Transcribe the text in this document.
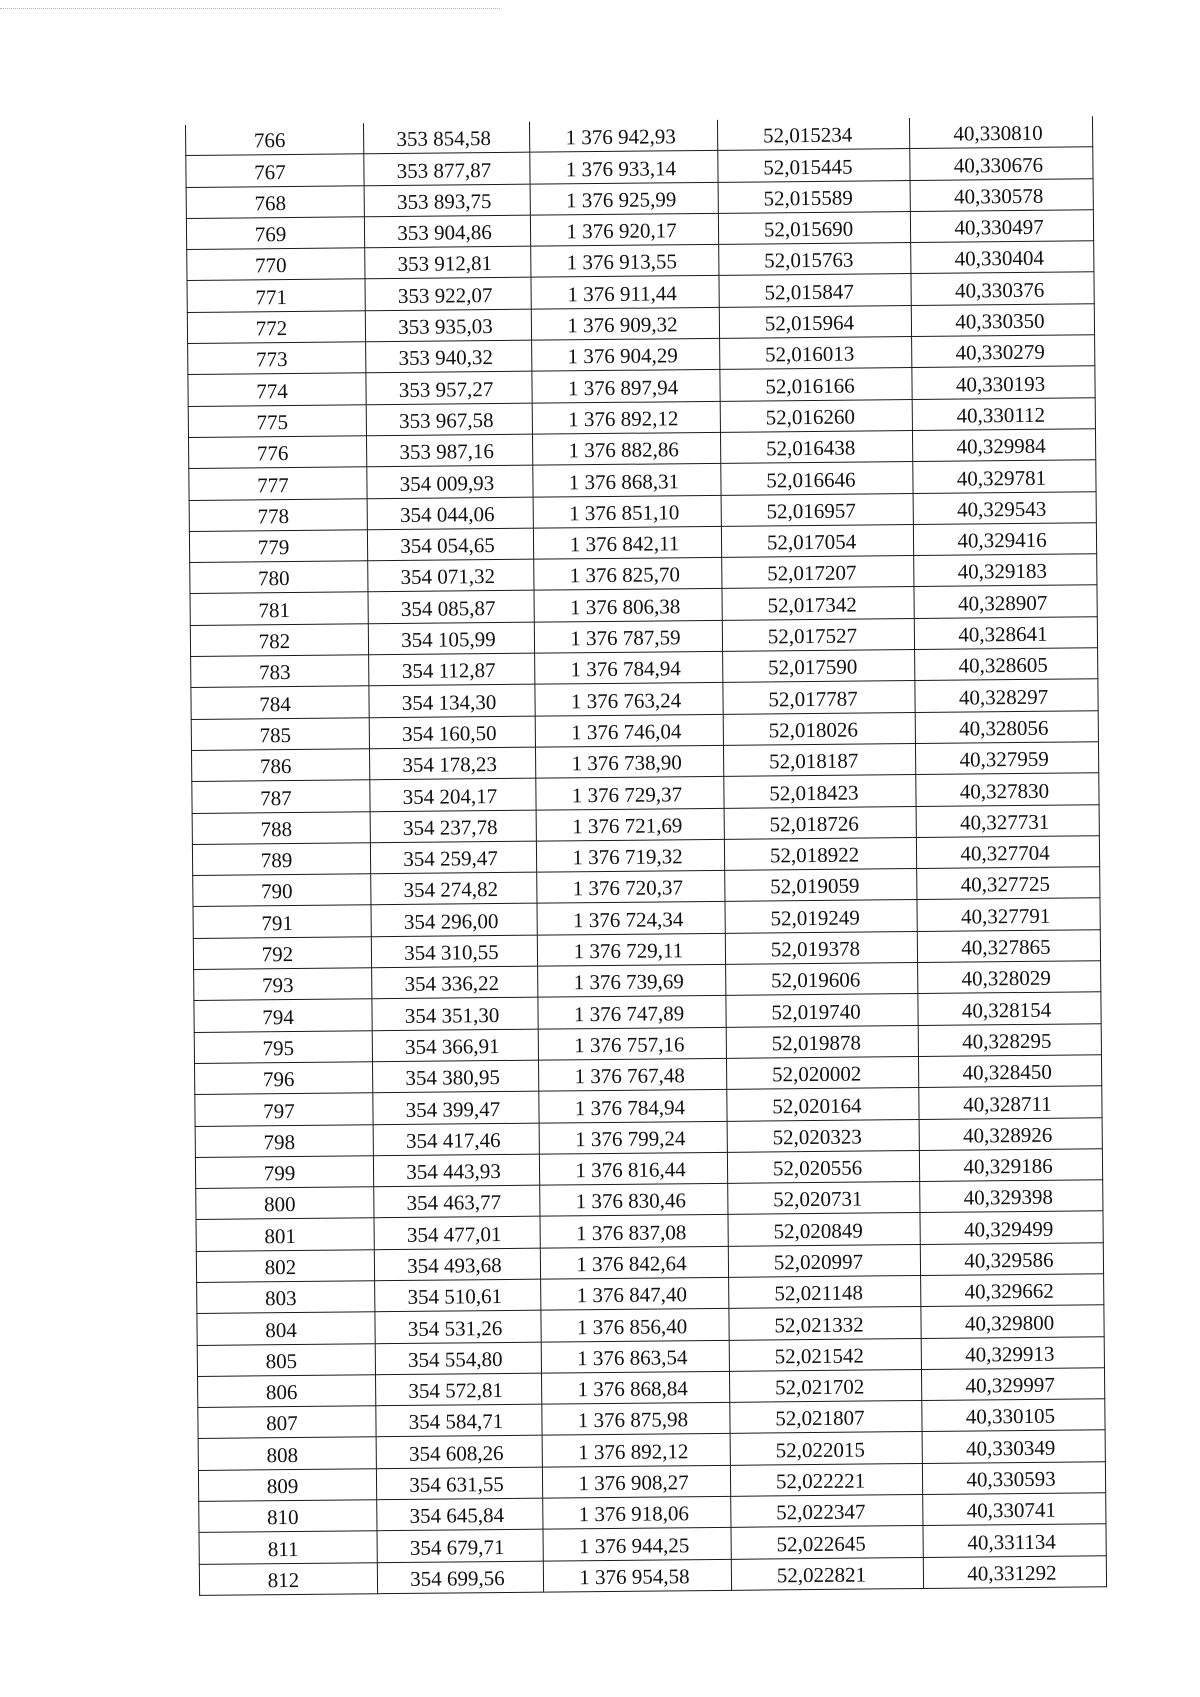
766	353 854,58	1 376 942,93	52,015234	40,330810
767	353 877,87	1 376 933,14	52,015445	40,330676
768	353 893,75	1 376 925,99	52,015589	40,330578
769	353 904,86	1 376 920,17	52,015690	40,330497
770	353 912,81	1 376 913,55	52,015763	40,330404
771	353 922,07	1 376 911,44	52,015847	40,330376
772	353 935,03	1 376 909,32	52,015964	40,330350
773	353 940,32	1 376 904,29	52,016013	40,330279
774	353 957,27	1 376 897,94	52,016166	40,330193
775	353 967,58	1 376 892,12	52,016260	40,330112
776	353 987,16	1 376 882,86	52,016438	40,329984
777	354 009,93	1 376 868,31	52,016646	40,329781
778	354 044,06	1 376 851,10	52,016957	40,329543
779	354 054,65	1 376 842,11	52,017054	40,329416
780	354 071,32	1 376 825,70	52,017207	40,329183
781	354 085,87	1 376 806,38	52,017342	40,328907
782	354 105,99	1 376 787,59	52,017527	40,328641
783	354 112,87	1 376 784,94	52,017590	40,328605
784	354 134,30	1 376 763,24	52,017787	40,328297
785	354 160,50	1 376 746,04	52,018026	40,328056
786	354 178,23	1 376 738,90	52,018187	40,327959
787	354 204,17	1 376 729,37	52,018423	40,327830
788	354 237,78	1 376 721,69	52,018726	40,327731
789	354 259,47	1 376 719,32	52,018922	40,327704
790	354 274,82	1 376 720,37	52,019059	40,327725
791	354 296,00	1 376 724,34	52,019249	40,327791
792	354 310,55	1 376 729,11	52,019378	40,327865
793	354 336,22	1 376 739,69	52,019606	40,328029
794	354 351,30	1 376 747,89	52,019740	40,328154
795	354 366,91	1 376 757,16	52,019878	40,328295
796	354 380,95	1 376 767,48	52,020002	40,328450
797	354 399,47	1 376 784,94	52,020164	40,328711
798	354 417,46	1 376 799,24	52,020323	40,328926
799	354 443,93	1 376 816,44	52,020556	40,329186
800	354 463,77	1 376 830,46	52,020731	40,329398
801	354 477,01	1 376 837,08	52,020849	40,329499
802	354 493,68	1 376 842,64	52,020997	40,329586
803	354 510,61	1 376 847,40	52,021148	40,329662
804	354 531,26	1 376 856,40	52,021332	40,329800
805	354 554,80	1 376 863,54	52,021542	40,329913
806	354 572,81	1 376 868,84	52,021702	40,329997
807	354 584,71	1 376 875,98	52,021807	40,330105
808	354 608,26	1 376 892,12	52,022015	40,330349
809	354 631,55	1 376 908,27	52,022221	40,330593
810	354 645,84	1 376 918,06	52,022347	40,330741
811	354 679,71	1 376 944,25	52,022645	40,331134
812	354 699,56	1 376 954,58	52,022821	40,331292
